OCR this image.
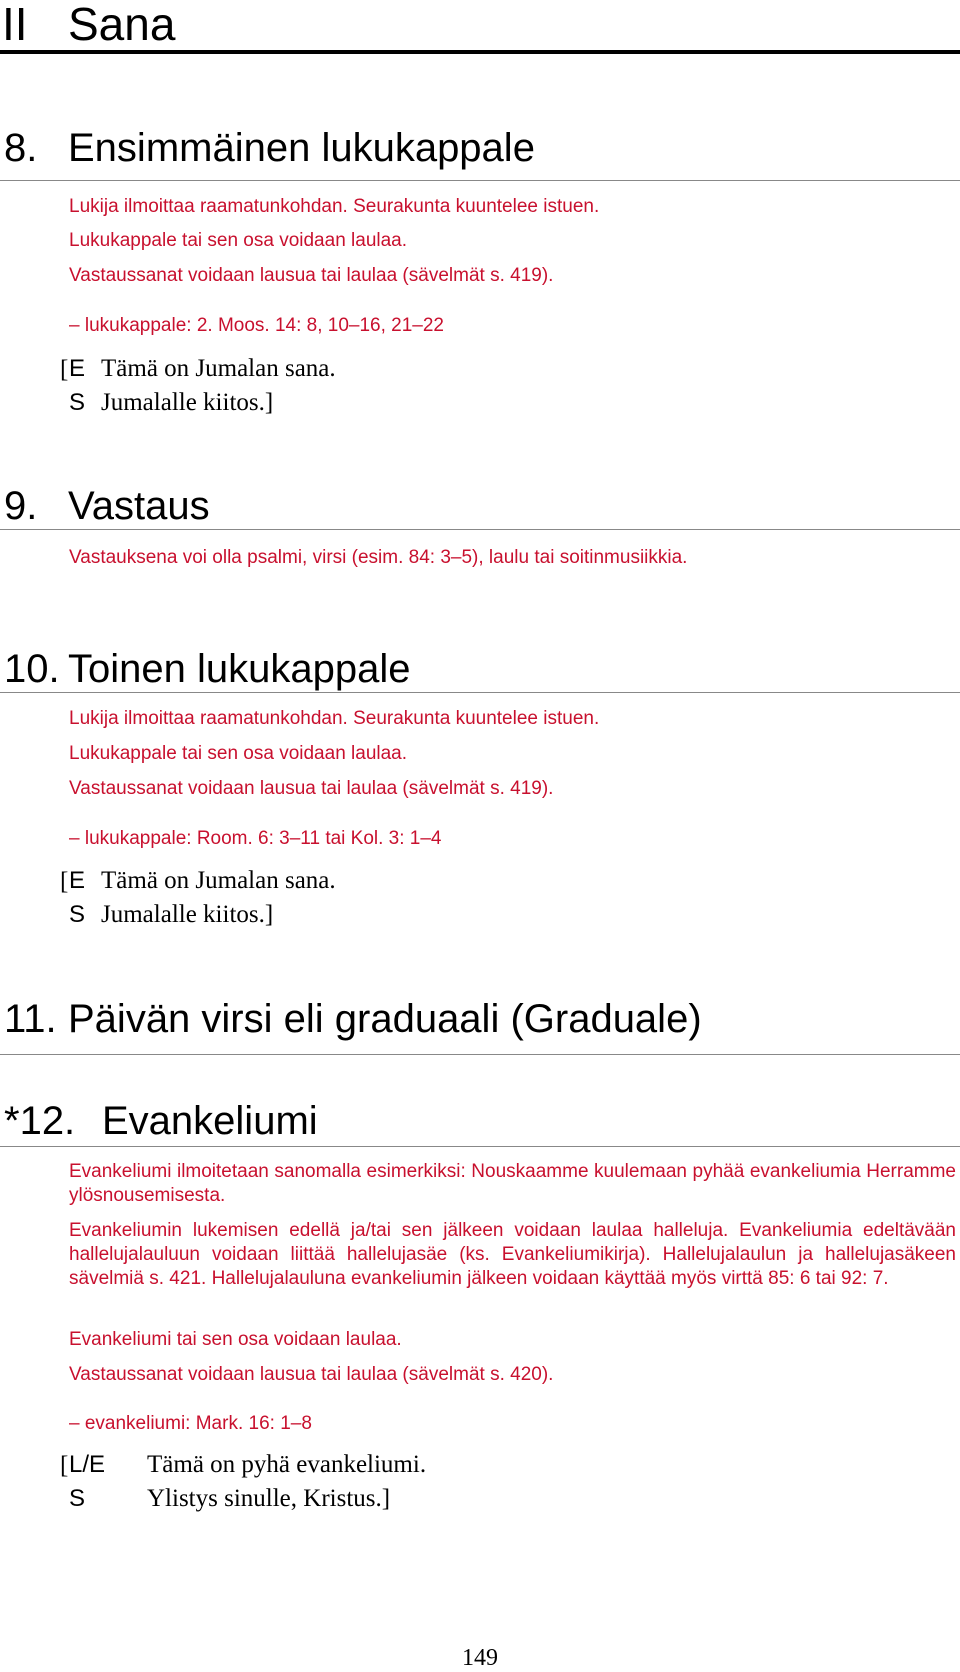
II Sana
8. Ensimmäinen lukukappale
Lukija ilmoittaa raamatunkohdan. Seurakunta kuuntelee istuen.
Lukukappale tai sen osa voidaan laulaa.
Vastaussanat voidaan lausua tai laulaa (sävelmät s. 419).
– lukukappale: 2. Moos. 14: 8, 10–16, 21–22
[ E Tämä on Jumalan sana.
S Jumalalle kiitos.]
9. Vastaus
Vastauksena voi olla psalmi, virsi (esim. 84: 3–5), laulu tai soitinmusiikkia.
10. Toinen lukukappale
Lukija ilmoittaa raamatunkohdan. Seurakunta kuuntelee istuen.
Lukukappale tai sen osa voidaan laulaa.
Vastaussanat voidaan lausua tai laulaa (sävelmät s. 419).
– lukukappale: Room. 6: 3–11 tai Kol. 3: 1–4
[ E Tämä on Jumalan sana.
S Jumalalle kiitos.]
11. Päivän virsi eli graduaali (Graduale)
*12. Evankeliumi
Evankeliumi ilmoitetaan sanomalla esimerkiksi: Nouskaamme kuulemaan pyhää evankeliumia Herramme ylösnousemisesta.
Evankeliumin lukemisen edellä ja/tai sen jälkeen voidaan laulaa halleluja. Evankeliumia edeltävään hallelujalauluun voidaan liittää hallelujasäe (ks. Evankeliumikirja). Hallelujalaulun ja hallelujasäkeen sävelmiä s. 421. Hallelujalauluna evankeliumin jälkeen voidaan käyttää myös virttä 85: 6 tai 92: 7.
Evankeliumi tai sen osa voidaan laulaa.
Vastaussanat voidaan lausua tai laulaa (sävelmät s. 420).
– evankeliumi: Mark. 16: 1–8
[ L/E Tämä on pyhä evankeliumi.
S Ylistys sinulle, Kristus.]
149
